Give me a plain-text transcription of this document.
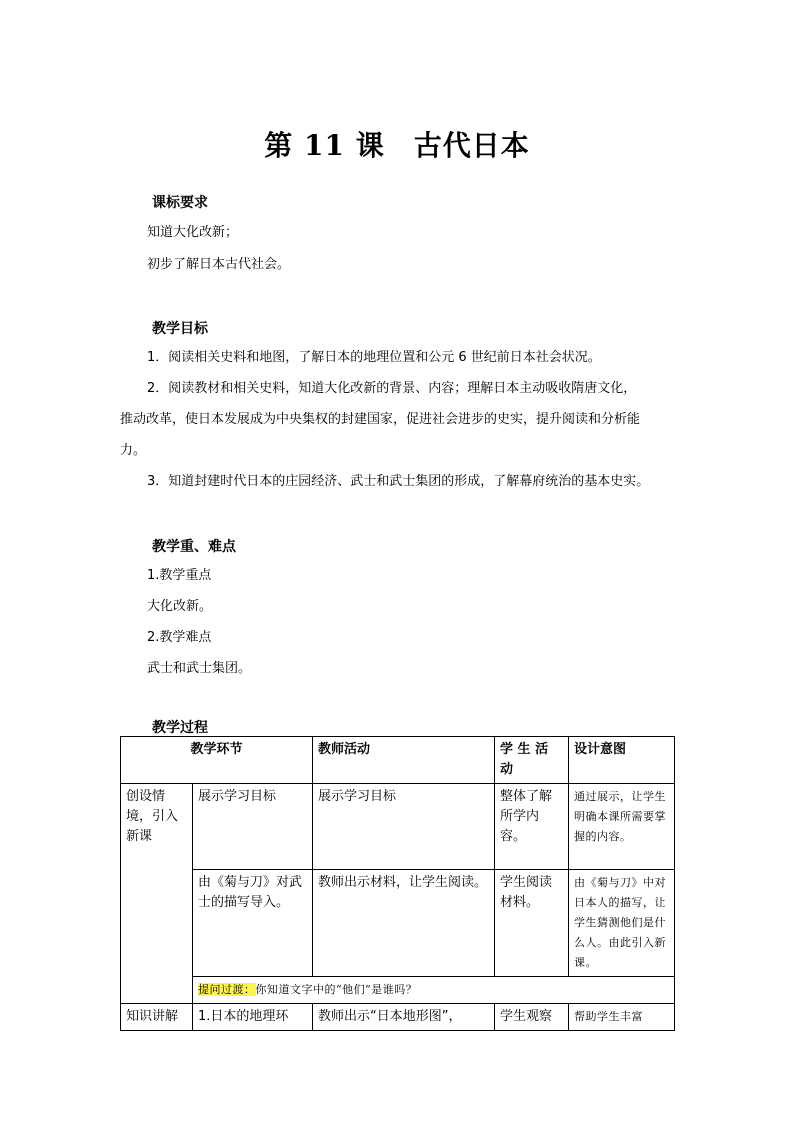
第 11 课　古代日本
课标要求
知道大化改新；
初步了解日本古代社会。
教学目标
1．阅读相关史料和地图，了解日本的地理位置和公元 6 世纪前日本社会状况。
2．阅读教材和相关史料，知道大化改新的背景、内容；理解日本主动吸收隋唐文化，
推动改革，使日本发展成为中央集权的封建国家，促进社会进步的史实，提升阅读和分析能
力。
3．知道封建时代日本的庄园经济、武士和武士集团的形成，了解幕府统治的基本史实。
教学重、难点
1.教学重点
大化改新。
2.教学难点
武士和武士集团。
教学过程
教学环节		教师活动	学 生 活 动	设计意图
创设情境，引入新课	展示学习目标	展示学习目标	整体了解所学内容。	通过展示，让学生明确本课所需要掌握的内容。
	由《菊与刀》对武士的描写导入。	教师出示材料，让学生阅读。	学生阅读材料。	由《菊与刀》中对日本人的描写，让学生猜测他们是什么人。由此引入新课。
	提问过渡：你知道文字中的“他们”是谁吗？			
知识讲解	1.日本的地理环	教师出示“日本地形图”，	学生观察	帮助学生丰富
